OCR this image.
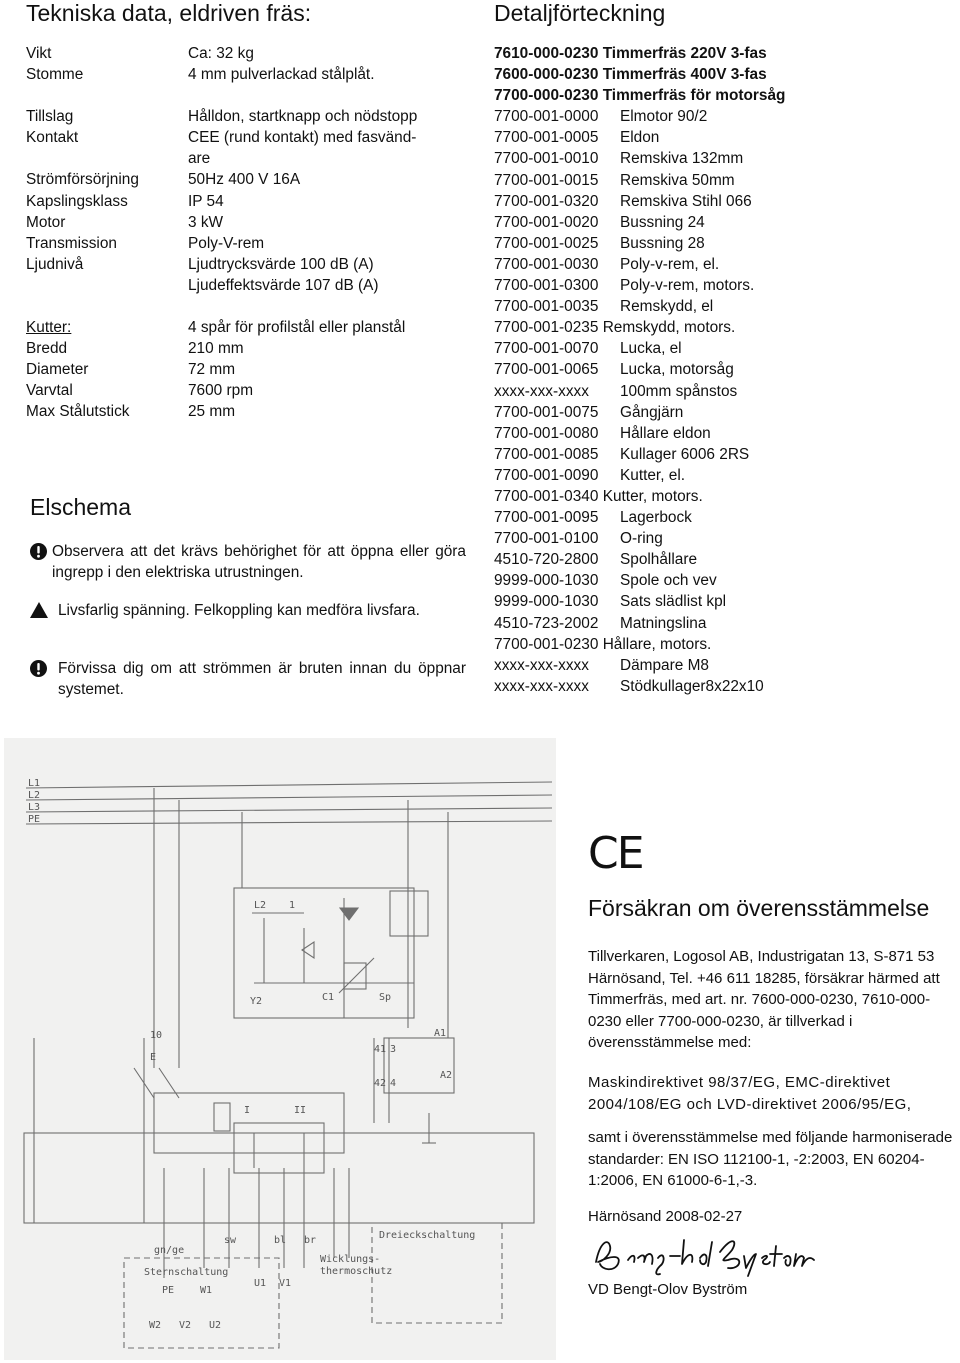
Tekniska data, eldriven fräs:
Vikt	Ca: 32 kg
Stomme	4 mm pulverlackad stålplåt.
Tillslag	Hålldon, startknapp och nödstopp
Kontakt	CEE (rund kontakt) med fasvänd-
are
Strömförsörjning	50Hz 400 V 16A
Kapslingsklass	IP 54
Motor	3 kW
Transmission	Poly-V-rem
Ljudnivå	Ljudtrycksvärde 100 dB (A)
Ljudeffektsvärde 107 dB (A)
Kutter:	4 spår för profilstål eller planstål
Bredd	210 mm
Diameter	72 mm
Varvtal	7600 rpm
Max Stålutstick	25 mm
Elschema
Observera att det krävs behörighet för att öppna eller göra ingrepp i den elektriska utrustningen.
Livsfarlig spänning. Felkoppling kan medföra livsfara.
Förvissa dig om att strömmen är bruten innan du öppnar systemet.
Detaljförteckning
7610-000-0230 Timmerfräs 220V 3-fas
7600-000-0230 Timmerfräs 400V 3-fas
7700-000-0230 Timmerfräs för motorsåg
7700-001-0000 Elmotor 90/2
7700-001-0005 Eldon
7700-001-0010 Remskiva 132mm
7700-001-0015 Remskiva 50mm
7700-001-0320 Remskiva Stihl 066
7700-001-0020 Bussning 24
7700-001-0025 Bussning 28
7700-001-0030 Poly-v-rem, el.
7700-001-0300 Poly-v-rem, motors.
7700-001-0035 Remskydd, el
7700-001-0235 Remskydd, motors.
7700-001-0070 Lucka, el
7700-001-0065 Lucka, motorsåg
xxxx-xxx-xxxx 100mm spånstos
7700-001-0075 Gångjärn
7700-001-0080 Hållare eldon
7700-001-0085 Kullager 6006 2RS
7700-001-0090 Kutter, el.
7700-001-0340 Kutter, motors.
7700-001-0095 Lagerbock
7700-001-0100 O-ring
4510-720-2800 Spolhållare
9999-000-1030 Spole och vev
9999-000-1030 Sats slädlist kpl
4510-723-2002 Matningslina
7700-001-0230 Hållare, motors.
xxxx-xxx-xxxx Dämpare M8
xxxx-xxx-xxxx Stödkullager8x22x10
L1
L2
L3
PE
L2 1
Y2	C1	Sp
A1
A2
10
E
41 3
42 4
I	II
PE	W1
V1
U1
W2 V2 U2
gn/ge
sw	bl br
Wicklungs-
thermoschutz
Sternschaltung
Dreieckschaltung
CE
Försäkran om överensstämmelse

Tillverkaren, Logosol AB, Industrigatan 13, S-871 53 Härnösand, Tel. +46 611 18285, försäkrar härmed att Timmerfräs, med art. nr. 7600-000-0230, 7610-000-0230 eller 7700-000-0230, är tillverkad i överensstämmelse med:

Maskindirektivet 98/37/EG, EMC-direktivet 2004/108/EG och LVD-direktivet 2006/95/EG,

samt i överensstämmelse med följande harmoniserade standarder: EN ISO 112100-1, -2:2003, EN 60204-1:2006, EN 61000-6-1,-3.

Härnösand 2008-02-27

VD Bengt-Olov Byström
